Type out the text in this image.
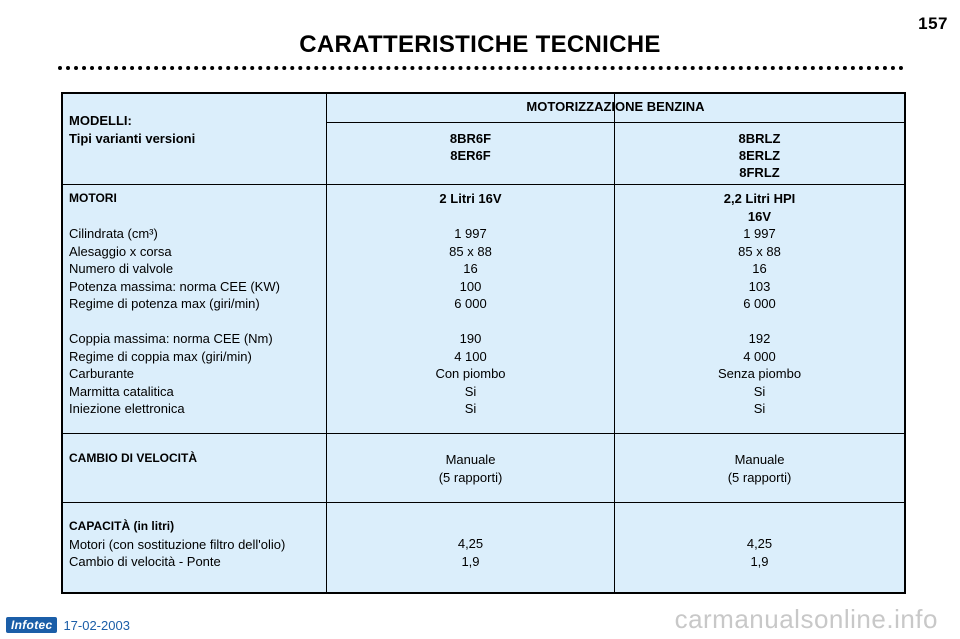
157
CARATTERISTICHE TECNICHE
MODELLI:
Tipi varianti versioni
MOTORIZZAZIONE BENZINA
8BR6F
8ER6F
8BRLZ
8ERLZ
8FRLZ
MOTORI
Cilindrata (cm³)
Alesaggio x corsa
Numero di valvole
Potenza massima: norma CEE (KW)
Regime di potenza max (giri/min)
Coppia massima: norma CEE (Nm)
Regime di coppia max (giri/min)
Carburante
Marmitta catalitica
Iniezione elettronica
2 Litri 16V
1 997
85 x 88
16
100
6 000
190
4 100
Con piombo
Si
Si
2,2 Litri HPI
16V
1 997
85 x 88
16
103
6 000
192
4 000
Senza piombo
Si
Si
CAMBIO DI VELOCITÀ	Manuale
(5 rapporti)
Manuale
(5 rapporti)
CAPACITÀ (in litri)
Motori (con sostituzione filtro dell'olio)
Cambio di velocità - Ponte
4,25
1,9
4,25
1,9
Infotec 17-02-2003	carmanualsonline.info
